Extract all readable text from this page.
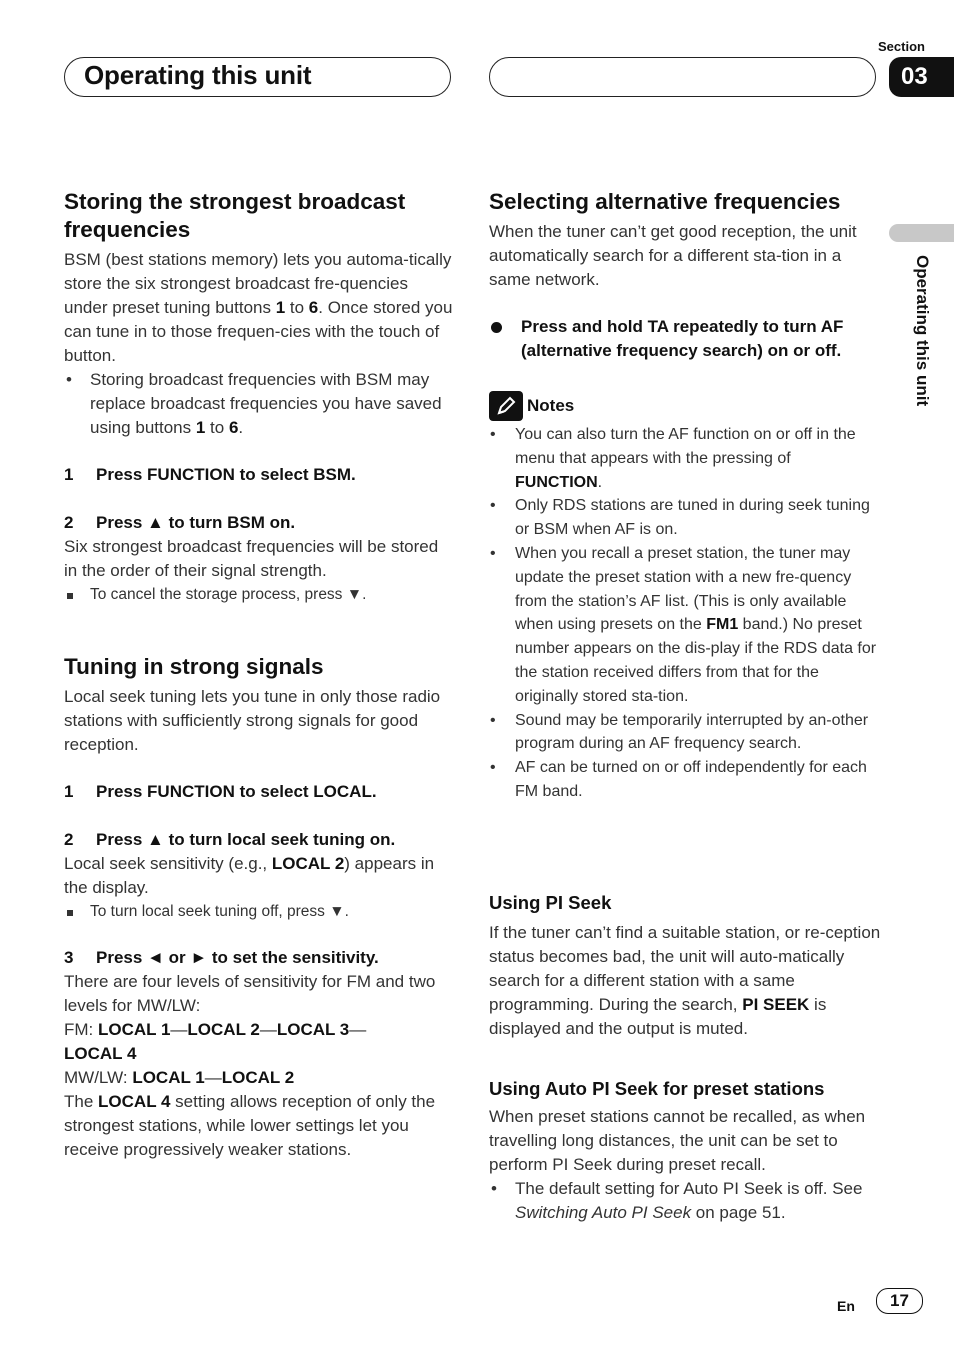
Operating this unit
Section
03
Operating this unit
Storing the strongest broadcast frequencies

BSM (best stations memory) lets you automa-tically store the six strongest broadcast fre-quencies under preset tuning buttons 1 to 6. Once stored you can tune in to those frequen-cies with the touch of button.

• Storing broadcast frequencies with BSM may replace broadcast frequencies you have saved using buttons 1 to 6.

1 Press FUNCTION to select BSM.

2 Press ▲ to turn BSM on.

Six strongest broadcast frequencies will be stored in the order of their signal strength.

To cancel the storage process, press ▼.

Tuning in strong signals

Local seek tuning lets you tune in only those radio stations with sufficiently strong signals for good reception.

1 Press FUNCTION to select LOCAL.

2 Press ▲ to turn local seek tuning on.

Local seek sensitivity (e.g., LOCAL 2) appears in the display.

To turn local seek tuning off, press ▼.

3 Press ◄ or ► to set the sensitivity.

There are four levels of sensitivity for FM and two levels for MW/LW:

FM: LOCAL 1—LOCAL 2—LOCAL 3—
LOCAL 4

MW/LW: LOCAL 1—LOCAL 2

The LOCAL 4 setting allows reception of only the strongest stations, while lower settings let you receive progressively weaker stations.

Selecting alternative frequencies

When the tuner can’t get good reception, the unit automatically search for a different sta-tion in a same network.

Press and hold TA repeatedly to turn AF (alternative frequency search) on or off.

Notes

• You can also turn the AF function on or off in the menu that appears with the pressing of FUNCTION.

• Only RDS stations are tuned in during seek tuning or BSM when AF is on.

• When you recall a preset station, the tuner may update the preset station with a new fre-quency from the station’s AF list. (This is only available when using presets on the FM1 band.) No preset number appears on the dis-play if the RDS data for the station received differs from that for the originally stored sta-tion.

• Sound may be temporarily interrupted by an-other program during an AF frequency search.

• AF can be turned on or off independently for each FM band.

Using PI Seek

If the tuner can’t find a suitable station, or re-ception status becomes bad, the unit will auto-matically search for a different station with a same programming. During the search, PI SEEK is displayed and the output is muted.

Using Auto PI Seek for preset stations

When preset stations cannot be recalled, as when travelling long distances, the unit can be set to perform PI Seek during preset recall.

• The default setting for Auto PI Seek is off. See Switching Auto PI Seek on page 51.

En	17
